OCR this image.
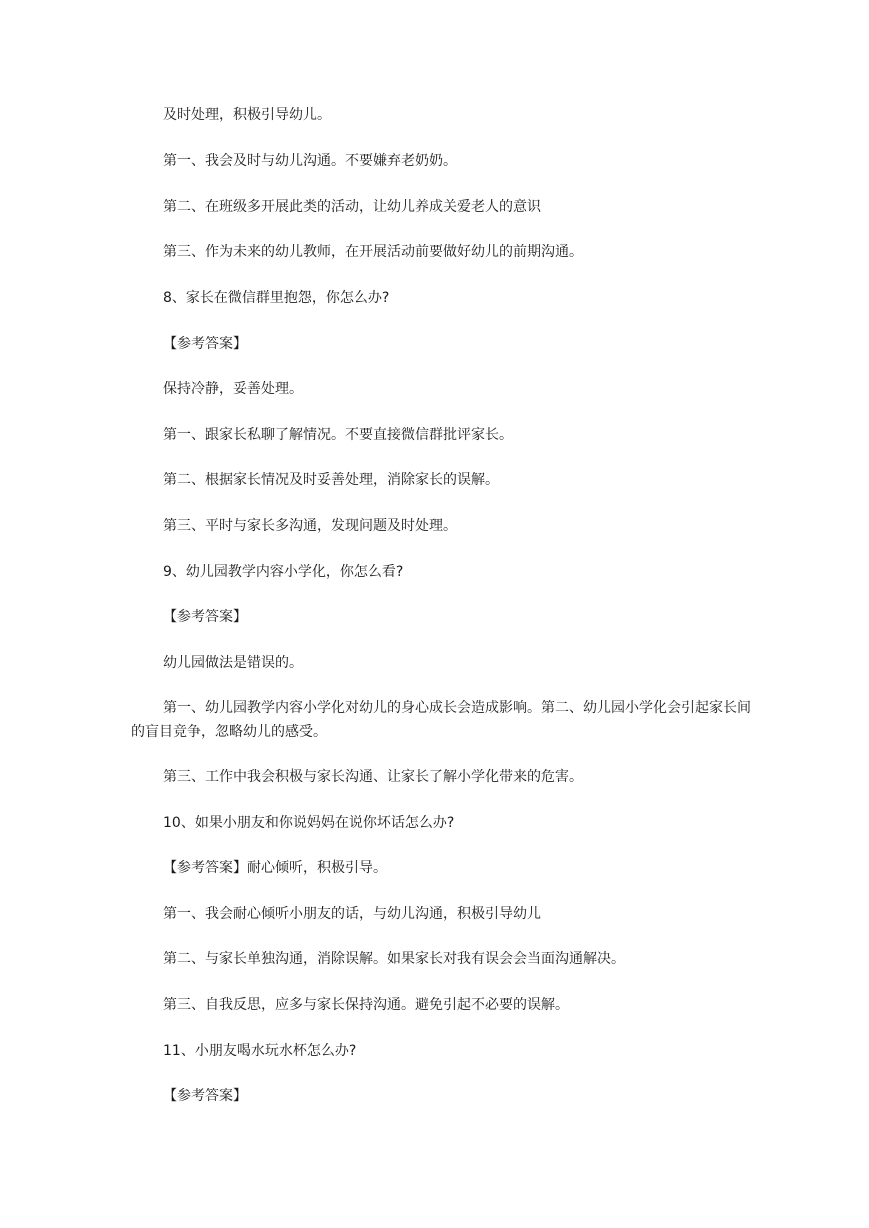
及时处理，积极引导幼儿。

第一、我会及时与幼儿沟通。不要嫌弃老奶奶。

第二、在班级多开展此类的活动，让幼儿养成关爱老人的意识

第三、作为未来的幼儿教师，在开展活动前要做好幼儿的前期沟通。

8、家长在微信群里抱怨，你怎么办?

【参考答案】

保持冷静，妥善处理。

第一、跟家长私聊了解情况。不要直接微信群批评家长。

第二、根据家长情况及时妥善处理，消除家长的误解。

第三、平时与家长多沟通，发现问题及时处理。

9、幼儿园教学内容小学化，你怎么看?

【参考答案】

幼儿园做法是错误的。

第一、幼儿园教学内容小学化对幼儿的身心成长会造成影响。第二、幼儿园小学化会引起家长间的盲目竞争，忽略幼儿的感受。

第三、工作中我会积极与家长沟通、让家长了解小学化带来的危害。

10、如果小朋友和你说妈妈在说你坏话怎么办?

【参考答案】耐心倾听，积极引导。

第一、我会耐心倾听小朋友的话，与幼儿沟通，积极引导幼儿

第二、与家长单独沟通，消除误解。如果家长对我有误会会当面沟通解决。

第三、自我反思，应多与家长保持沟通。避免引起不必要的误解。

11、小朋友喝水玩水杯怎么办?

【参考答案】
